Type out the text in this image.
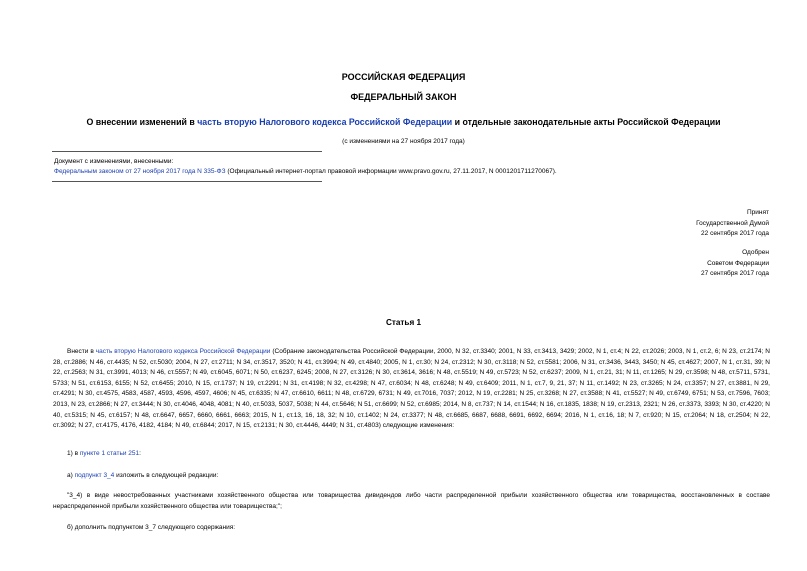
РОССИЙСКАЯ ФЕДЕРАЦИЯ
ФЕДЕРАЛЬНЫЙ ЗАКОН
О внесении изменений в часть вторую Налогового кодекса Российской Федерации и отдельные законодательные акты Российской Федерации
(с изменениями на 27 ноября 2017 года)
Документ с изменениями, внесенными:
Федеральным законом от 27 ноября 2017 года N 335-ФЗ (Официальный интернет-портал правовой информации www.pravo.gov.ru, 27.11.2017, N 0001201711270067).
Принят
Государственной Думой
22 сентября 2017 года
Одобрен
Советом Федерации
27 сентября 2017 года
Статья 1
Внести в часть вторую Налогового кодекса Российской Федерации (Собрание законодательства Российской Федерации, 2000, N 32, ст.3340; 2001, N 33, ст.3413, 3429; 2002, N 1, ст.4; N 22, ст.2026; 2003, N 1, ст.2, 6; N 23, ст.2174; N 28, ст.2886; N 46, ст.4435; N 52, ст.5030; 2004, N 27, ст.2711; N 34, ст.3517, 3520; N 41, ст.3994; N 49, ст.4840; 2005, N 1, ст.30; N 24, ст.2312; N 30, ст.3118; N 52, ст.5581; 2006, N 31, ст.3436, 3443, 3450; N 45, ст.4627; 2007, N 1, ст.31, 39; N 22, ст.2563; N 31, ст.3991, 4013; N 46, ст.5557; N 49, ст.6045, 6071; N 50, ст.6237, 6245; 2008, N 27, ст.3126; N 30, ст.3614, 3616; N 48, ст.5519; N 49, ст.5723; N 52, ст.6237; 2009, N 1, ст.21, 31; N 11, ст.1265; N 29, ст.3598; N 48, ст.5711, 5731, 5733; N 51, ст.6153, 6155; N 52, ст.6455; 2010, N 15, ст.1737; N 19, ст.2291; N 31, ст.4198; N 32, ст.4298; N 47, ст.6034; N 48, ст.6248; N 49, ст.6409; 2011, N 1, ст.7, 9, 21, 37; N 11, ст.1492; N 23, ст.3265; N 24, ст.3357; N 27, ст.3881, N 29, ст.4291; N 30, ст.4575, 4583, 4587, 4593, 4596, 4597, 4606; N 45, ст.6335; N 47, ст.6610, 6611; N 48, ст.6729, 6731; N 49, ст.7016, 7037; 2012, N 19, ст.2281; N 25, ст.3268; N 27, ст.3588; N 41, ст.5527; N 49, ст.6749, 6751; N 53, ст.7596, 7603; 2013, N 23, ст.2866; N 27, ст.3444; N 30, ст.4046, 4048, 4081; N 40, ст.5033, 5037, 5038; N 44, ст.5646; N 51, ст.6699; N 52, ст.6985; 2014, N 8, ст.737; N 14, ст.1544; N 16, ст.1835, 1838; N 19, ст.2313, 2321; N 26, ст.3373, 3393; N 30, ст.4220; N 40, ст.5315; N 45, ст.6157; N 48, ст.6647, 6657, 6660, 6661, 6663; 2015, N 1, ст.13, 16, 18, 32; N 10, ст.1402; N 24, ст.3377; N 48, ст.6685, 6687, 6688, 6691, 6692, 6694; 2016, N 1, ст.16, 18; N 7, ст.920; N 15, ст.2064; N 18, ст.2504; N 22, ст.3092; N 27, ст.4175, 4176, 4182, 4184; N 49, ст.6844; 2017, N 15, ст.2131; N 30, ст.4446, 4449; N 31, ст.4803) следующие изменения:
1) в пункте 1 статьи 251:
а) подпункт 3_4 изложить в следующей редакции:
"3_4) в виде невостребованных участниками хозяйственного общества или товарищества дивидендов либо части распределенной прибыли хозяйственного общества или товарищества, восстановленных в составе нераспределенной прибыли хозяйственного общества или товарищества;";
б) дополнить подпунктом 3_7 следующего содержания:
